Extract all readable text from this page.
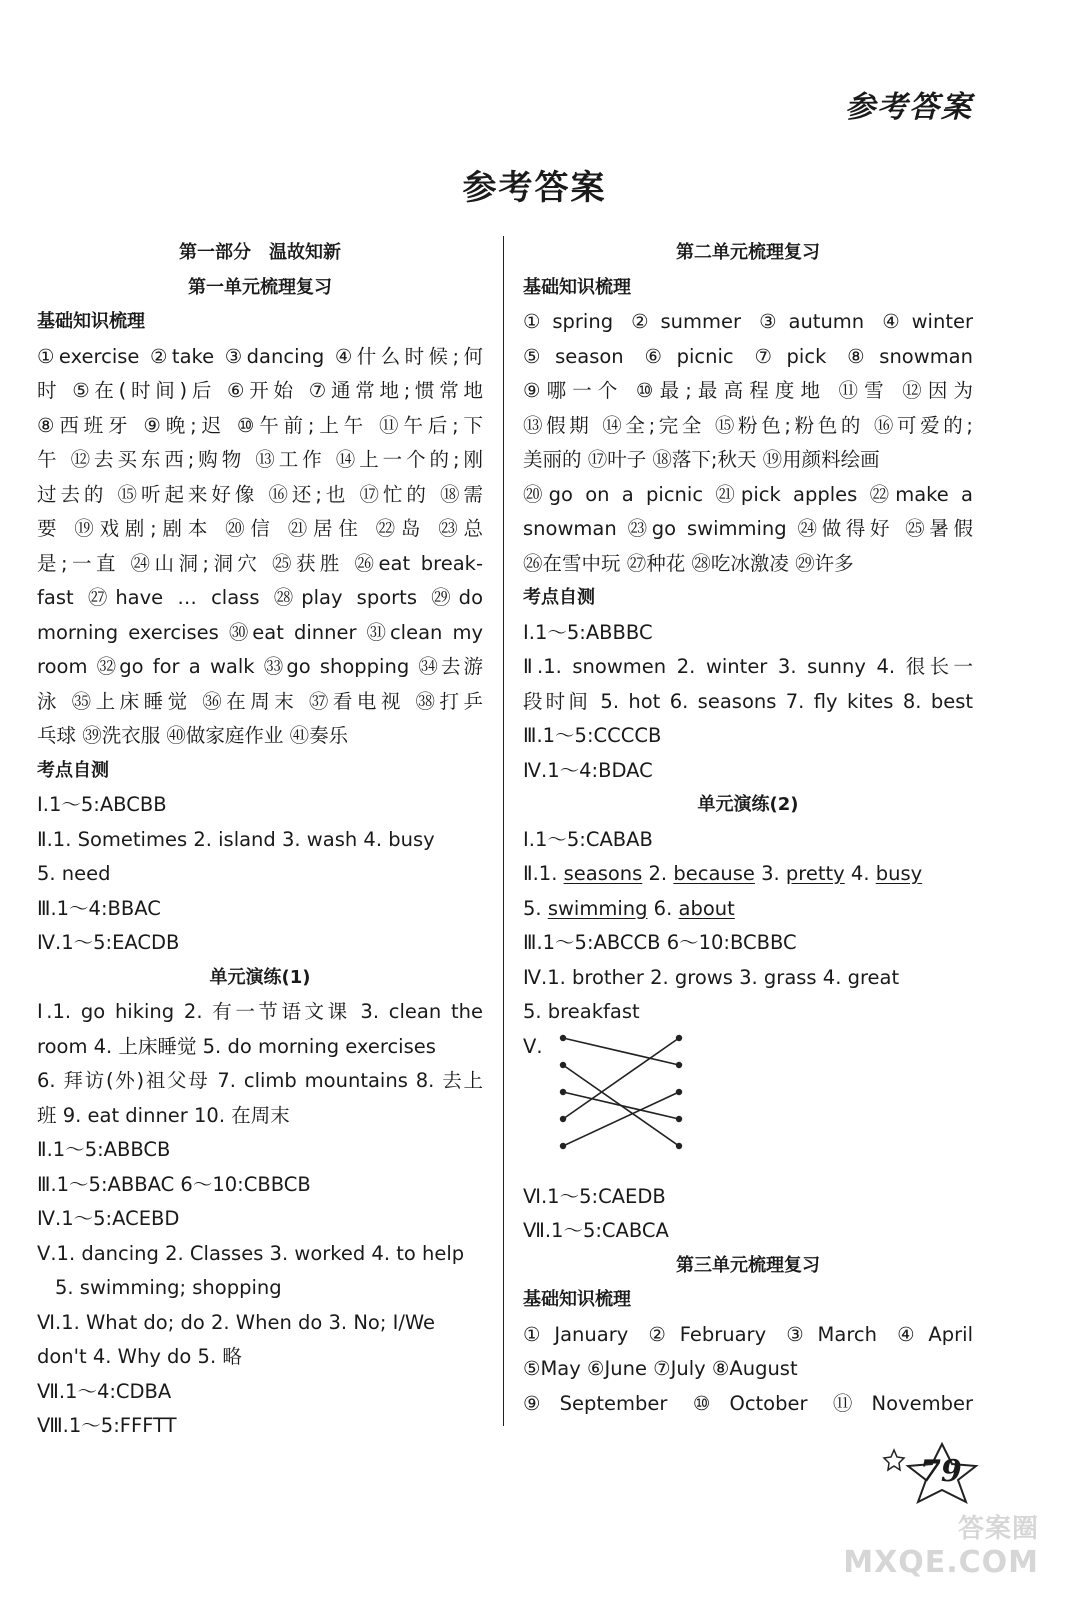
参考答案
参考答案
第一部分　温故知新
第一单元梳理复习
基础知识梳理
①exercise ②take ③dancing ④什么时候;何
时 ⑤在(时间)后 ⑥开始 ⑦通常地;惯常地
⑧西班牙 ⑨晚;迟 ⑩午前;上午 ⑪午后;下
午 ⑫去买东西;购物 ⑬工作 ⑭上一个的;刚
过去的 ⑮听起来好像 ⑯还;也 ⑰忙的 ⑱需
要 ⑲戏剧;剧本 ⑳信 ㉑居住 ㉒岛 ㉓总
是;一直 ㉔山洞;洞穴 ㉕获胜 ㉖eat break-
fast ㉗have … class ㉘play sports ㉙do
morning exercises ㉚eat dinner ㉛clean my
room ㉜go for a walk ㉝go shopping ㉞去游
泳 ㉟上床睡觉 ㊱在周末 ㊲看电视 ㊳打乒
乓球 ㊴洗衣服 ㊵做家庭作业 ㊶奏乐
考点自测
Ⅰ.1～5:ABCBB
Ⅱ.1. Sometimes 2. island 3. wash 4. busy
5. need
Ⅲ.1～4:BBAC
Ⅳ.1～5:EACDB
单元演练(1)
Ⅰ.1. go hiking 2. 有一节语文课 3. clean the
room 4. 上床睡觉 5. do morning exercises
6. 拜访(外)祖父母 7. climb mountains 8. 去上
班 9. eat dinner 10. 在周末
Ⅱ.1～5:ABBCB
Ⅲ.1～5:ABBAC 6～10:CBBCB
Ⅳ.1～5:ACEBD
Ⅴ.1. dancing 2. Classes 3. worked 4. to help
5. swimming; shopping
Ⅵ.1. What do; do 2. When do 3. No; I/We
don't 4. Why do 5. 略
Ⅶ.1～4:CDBA
Ⅷ.1～5:FFFTT
第二单元梳理复习
基础知识梳理
①spring ②summer ③autumn ④winter
⑤season ⑥picnic ⑦pick ⑧snowman
⑨哪一个 ⑩最;最高程度地 ⑪雪 ⑫因为
⑬假期 ⑭全;完全 ⑮粉色;粉色的 ⑯可爱的;
美丽的 ⑰叶子 ⑱落下;秋天 ⑲用颜料绘画
⑳go on a picnic ㉑pick apples ㉒make a
snowman ㉓go swimming ㉔做得好 ㉕暑假
㉖在雪中玩 ㉗种花 ㉘吃冰激凌 ㉙许多
考点自测
Ⅰ.1～5:ABBBC
Ⅱ.1. snowmen 2. winter 3. sunny 4. 很长一
段时间 5. hot 6. seasons 7. fly kites 8. best
Ⅲ.1～5:CCCCB
Ⅳ.1～4:BDAC
单元演练(2)
Ⅰ.1～5:CABAB
Ⅱ.1. seasons 2. because 3. pretty 4. busy
5. swimming 6. about
Ⅲ.1～5:ABCCB 6～10:BCBBC
Ⅳ.1. brother 2. grows 3. grass 4. great
5. breakfast
Ⅴ.
Ⅵ.1～5:CAEDB
Ⅶ.1～5:CABCA
第三单元梳理复习
基础知识梳理
①January ②February ③March ④April
⑤May ⑥June ⑦July ⑧August
⑨September ⑩October ⑪November
79
答案圈
MXQE.COM
